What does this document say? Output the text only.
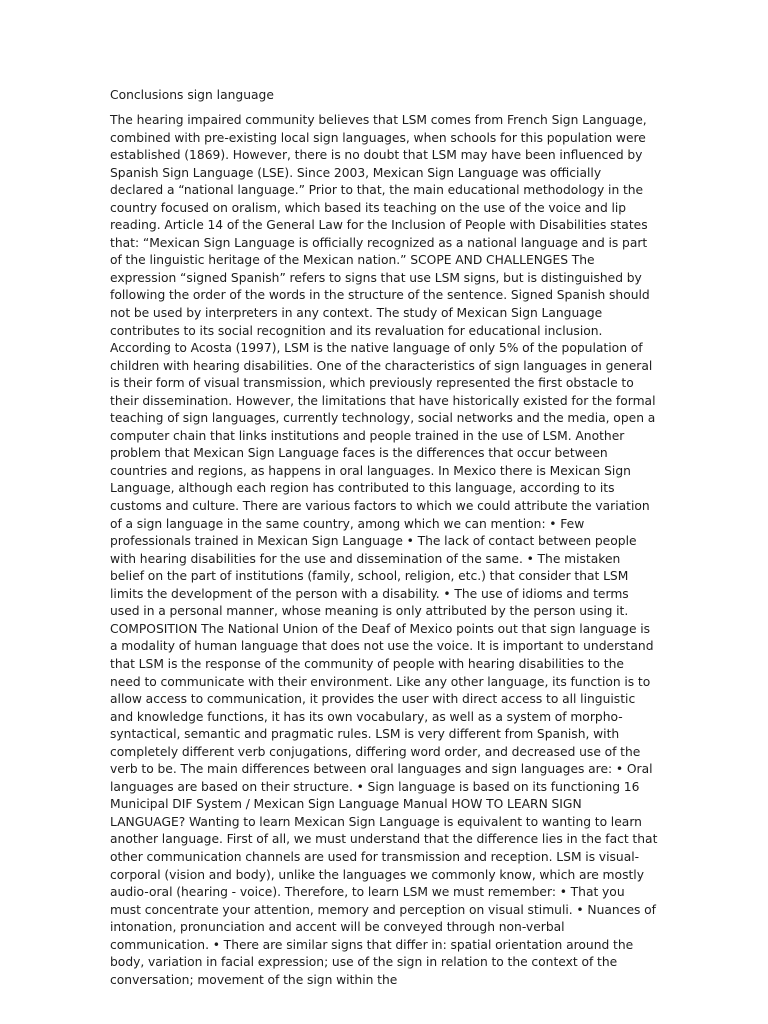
Conclusions sign language

The hearing impaired community believes that LSM comes from French Sign Language, combined with pre-existing local sign languages, when schools for this population were established (1869). However, there is no doubt that LSM may have been influenced by Spanish Sign Language (LSE). Since 2003, Mexican Sign Language was officially declared a “national language.” Prior to that, the main educational methodology in the country focused on oralism, which based its teaching on the use of the voice and lip reading. Article 14 of the General Law for the Inclusion of People with Disabilities states that: “Mexican Sign Language is officially recognized as a national language and is part of the linguistic heritage of the Mexican nation.” SCOPE AND CHALLENGES The expression “signed Spanish” refers to signs that use LSM signs, but is distinguished by following the order of the words in the structure of the sentence. Signed Spanish should not be used by interpreters in any context. The study of Mexican Sign Language contributes to its social recognition and its revaluation for educational inclusion. According to Acosta (1997), LSM is the native language of only 5% of the population of children with hearing disabilities. One of the characteristics of sign languages in general is their form of visual transmission, which previously represented the first obstacle to their dissemination. However, the limitations that have historically existed for the formal teaching of sign languages, currently technology, social networks and the media, open a computer chain that links institutions and people trained in the use of LSM. Another problem that Mexican Sign Language faces is the differences that occur between countries and regions, as happens in oral languages. In Mexico there is Mexican Sign Language, although each region has contributed to this language, according to its customs and culture. There are various factors to which we could attribute the variation of a sign language in the same country, among which we can mention: • Few professionals trained in Mexican Sign Language • The lack of contact between people with hearing disabilities for the use and dissemination of the same. • The mistaken belief on the part of institutions (family, school, religion, etc.) that consider that LSM limits the development of the person with a disability. • The use of idioms and terms used in a personal manner, whose meaning is only attributed by the person using it. COMPOSITION The National Union of the Deaf of Mexico points out that sign language is a modality of human language that does not use the voice. It is important to understand that LSM is the response of the community of people with hearing disabilities to the need to communicate with their environment. Like any other language, its function is to allow access to communication, it provides the user with direct access to all linguistic and knowledge functions, it has its own vocabulary, as well as a system of morpho-syntactical, semantic and pragmatic rules. LSM is very different from Spanish, with completely different verb conjugations, differing word order, and decreased use of the verb to be. The main differences between oral languages and sign languages are: • Oral languages are based on their structure. • Sign language is based on its functioning 16 Municipal DIF System / Mexican Sign Language Manual HOW TO LEARN SIGN LANGUAGE? Wanting to learn Mexican Sign Language is equivalent to wanting to learn another language. First of all, we must understand that the difference lies in the fact that other communication channels are used for transmission and reception. LSM is visual-corporal (vision and body), unlike the languages we commonly know, which are mostly audio-oral (hearing - voice). Therefore, to learn LSM we must remember: • That you must concentrate your attention, memory and perception on visual stimuli. • Nuances of intonation, pronunciation and accent will be conveyed through non-verbal communication. • There are similar signs that differ in: spatial orientation around the body, variation in facial expression; use of the sign in relation to the context of the conversation; movement of the sign within the
